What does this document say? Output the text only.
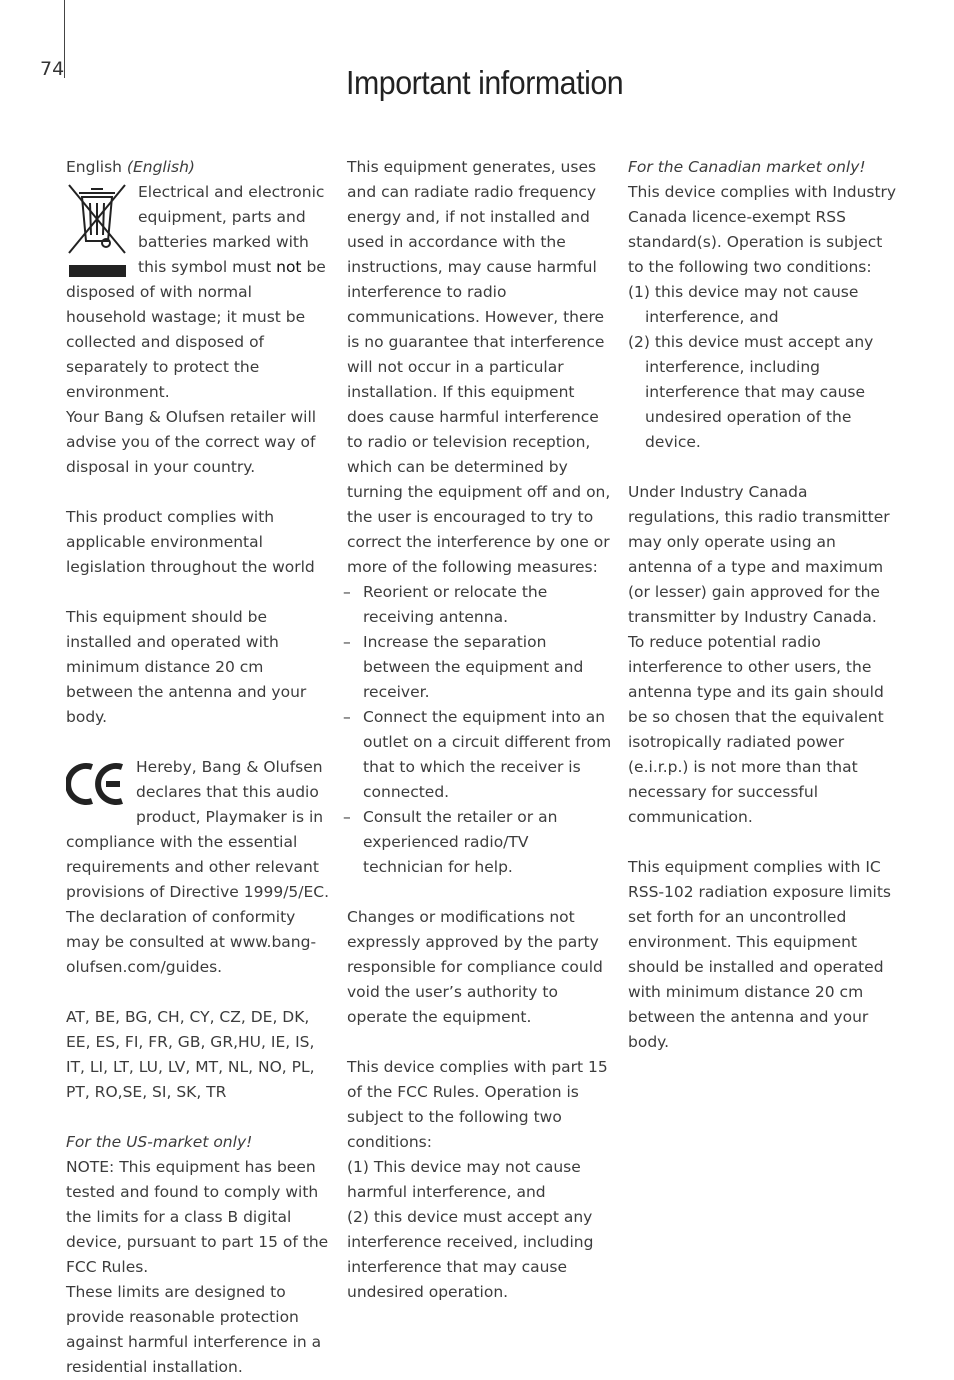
74	Important information
English (English)

Electrical and electronic equipment, parts and batteries marked with this symbol must not be disposed of with normal household wastage; it must be collected and disposed of separately to protect the environment.
Your Bang & Olufsen retailer will advise you of the correct way of disposal in your country.

This product complies with applicable environmental legislation throughout the world

This equipment should be installed and operated with minimum distance 20 cm between the antenna and your body.

Hereby, Bang & Olufsen declares that this audio product, Playmaker is in compliance with the essential requirements and other relevant provisions of Directive 1999/5/EC.
The declaration of conformity may be consulted at www.bang-olufsen.com/guides.

AT, BE, BG, CH, CY, CZ, DE, DK, EE, ES, FI, FR, GB, GR,HU, IE, IS, IT, LI, LT, LU, LV, MT, NL, NO, PL, PT, RO,SE, SI, SK, TR

For the US-market only!
NOTE: This equipment has been tested and found to comply with the limits for a class B digital device, pursuant to part 15 of the FCC Rules.
These limits are designed to provide reasonable protection against harmful interference in a residential installation.
This equipment generates, uses and can radiate radio frequency energy and, if not installed and used in accordance with the instructions, may cause harmful interference to radio communications. However, there is no guarantee that interference will not occur in a particular installation. If this equipment does cause harmful interference to radio or television reception, which can be determined by turning the equipment off and on, the user is encouraged to try to correct the interference by one or more of the following measures:
– Reorient or relocate the receiving antenna.
– Increase the separation between the equipment and receiver.
– Connect the equipment into an outlet on a circuit different from that to which the receiver is connected.
– Consult the retailer or an experienced radio/TV technician for help.

Changes or modifications not expressly approved by the party responsible for compliance could void the user’s authority to operate the equipment.

This device complies with part 15 of the FCC Rules. Operation is subject to the following two conditions:
(1) This device may not cause harmful interference, and
(2) this device must accept any interference received, including interference that may cause undesired operation.
For the Canadian market only!
This device complies with Industry Canada licence-exempt RSS standard(s). Operation is subject to the following two conditions:
(1) this device may not cause interference, and

(2) this device must accept any interference, including interference that may cause undesired operation of the device.

Under Industry Canada regulations, this radio transmitter may only operate using an antenna of a type and maximum (or lesser) gain approved for the transmitter by Industry Canada. To reduce potential radio interference to other users, the antenna type and its gain should be so chosen that the equivalent isotropically radiated power (e.i.r.p.) is not more than that necessary for successful communication.

This equipment complies with IC RSS-102 radiation exposure limits set forth for an uncontrolled environment. This equipment should be installed and operated with minimum distance 20 cm between the antenna and your body.
